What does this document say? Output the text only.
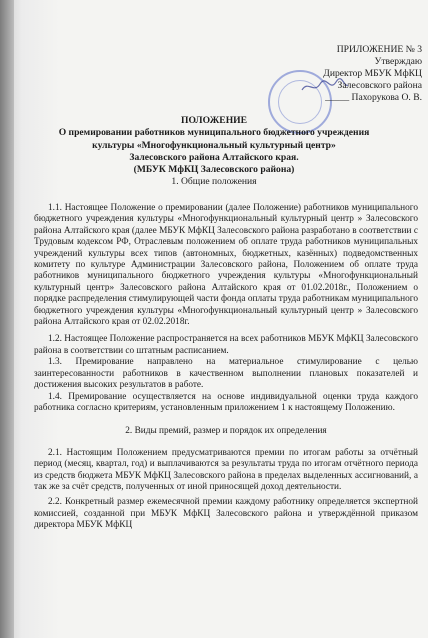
ПРИЛОЖЕНИЕ № 3
Утверждаю
Директор МБУК МфКЦ
Залесовского района
_____ Пахорукова О. В.
ПОЛОЖЕНИЕ
О премировании работников муниципального бюджетного учреждения
культуры «Многофункциональный культурный центр»
Залесовского района Алтайского края.
(МБУК МфКЦ Залесовского района)
1. Общие положения

1.1. Настоящее Положение о премировании (далее Положение) работников муниципального бюджетного учреждения культуры «Многофункциональный культурный центр » Залесовского района Алтайского края (далее МБУК МфКЦ Залесовского района разработано в соответствии с Трудовым кодексом РФ, Отраслевым положением об оплате труда работников муниципальных учреждений культуры всех типов (автономных, бюджетных, казённых) подведомственных комитету по культуре Администрации Залесовского района, Положением об оплате труда работников муниципального бюджетного учреждения культуры «Многофункциональный культурный центр» Залесовского района Алтайского края от 01.02.2018г., Положением о порядке распределения стимулирующей части фонда оплаты труда работникам муниципального бюджетного учреждения культуры «Многофункциональный культурный центр » Залесовского района Алтайского края от 02.02.2018г.

1.2. Настоящее Положение распространяется на всех работников МБУК МфКЦ Залесовского района в соответствии со штатным расписанием.

1.3. Премирование направлено на материальное стимулирование с целью заинтересованности работников в качественном выполнении плановых показателей и достижения высоких результатов в работе.

1.4. Премирование осуществляется на основе индивидуальной оценки труда каждого работника согласно критериям, установленным приложением 1 к настоящему Положению.

2. Виды премий, размер и порядок их определения

2.1. Настоящим Положением предусматриваются премии по итогам работы за отчётный период (месяц, квартал, год) и выплачиваются за результаты труда по итогам отчётного периода из средств бюджета МБУК МфКЦ Залесовского района в пределах выделенных ассигнований, а так же за счёт средств, полученных от иной приносящей доход деятельности.

2.2. Конкретный размер ежемесячной премии каждому работнику определяется экспертной комиссией, созданной при МБУК МфКЦ Залесовского района и утверждённой приказом директора МБУК МфКЦ
